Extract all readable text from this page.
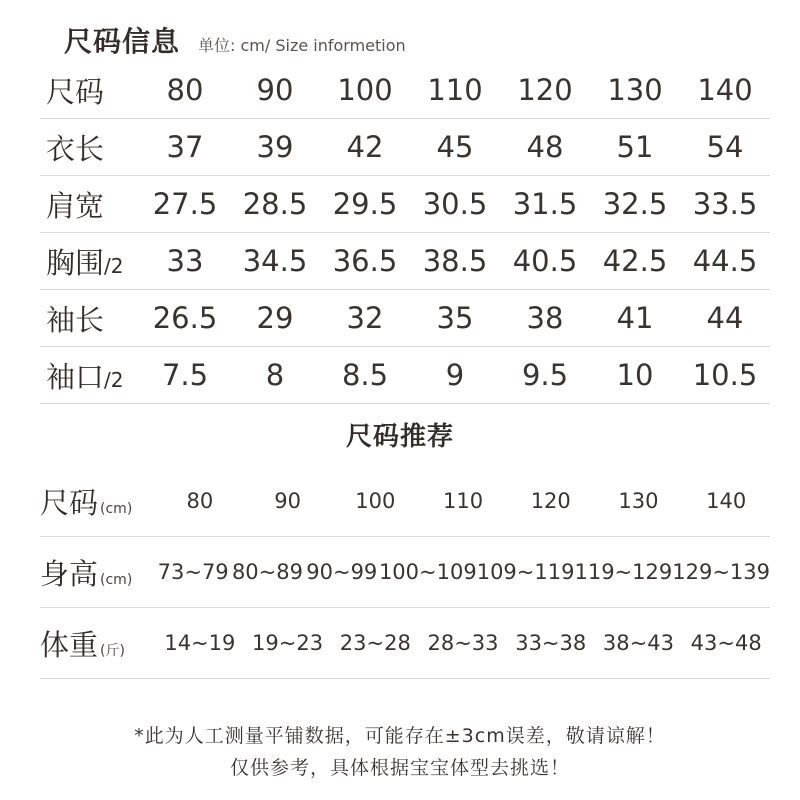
尺码信息 单位: cm/ Size informetion
尺码	80	90	100	110	120	130	140
衣长	37	39	42	45	48	51	54
肩宽	27.5 28.5 29.5 30.5 31.5 32.5 33.5
胸围/2	33	34.5 36.5 38.5 40.5 42.5 44.5
袖长	26.5	29	32	35	38	41	44
袖口/2	7.5	8	8.5	9	9.5	10	10.5
尺码推荐
尺码 (cm)	80	90	100	110	120	130	140
身高 (cm) 73~79 80~89 90~99 100~109 109~119 119~129 129~139
体重 (斤)	14~19 19~23 23~28 28~33 33~38 38~43 43~48
*此为人工测量平铺数据，可能存在±3cm误差，敬请谅解！
仅供参考，具体根据宝宝体型去挑选！
